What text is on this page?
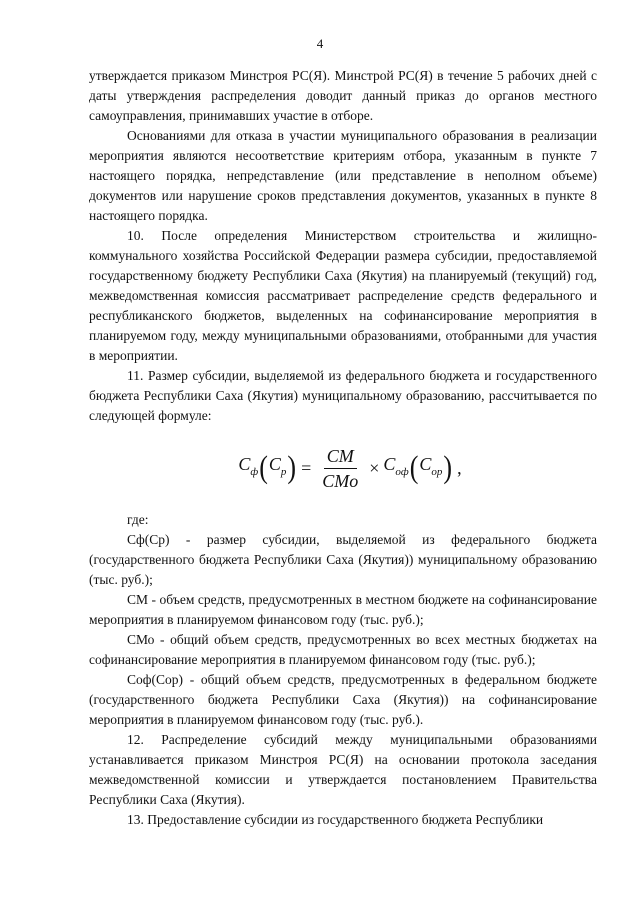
4

утверждается приказом Минстроя РС(Я). Минстрой РС(Я) в течение 5 рабочих дней с даты утверждения распределения доводит данный приказ до органов местного самоуправления, принимавших участие в отборе.

Основаниями для отказа в участии муниципального образования в реализации мероприятия являются несоответствие критериям отбора, указанным в пункте 7 настоящего порядка, непредставление (или представление в неполном объеме) документов или нарушение сроков представления документов, указанных в пункте 8 настоящего порядка.

10. После определения Министерством строительства и жилищно-коммунального хозяйства Российской Федерации размера субсидии, предоставляемой государственному бюджету Республики Саха (Якутия) на планируемый (текущий) год, межведомственная комиссия рассматривает распределение средств федерального и республиканского бюджетов, выделенных на софинансирование мероприятия в планируемом году, между муниципальными образованиями, отобранными для участия в мероприятии.

11. Размер субсидии, выделяемой из федерального бюджета и государственного бюджета Республики Саха (Якутия) муниципальному образованию, рассчитывается по следующей формуле:

$C_ф$ ( $C_р$ ) = $\frac{CM}{\text{CMo}} \times C_{оф}$ ( $C_{ор}$ ) ,

где:

Сф(Ср) - размер субсидии, выделяемой из федерального бюджета (государственного бюджета Республики Саха (Якутия)) муниципальному образованию (тыс. руб.);

СМ - объем средств, предусмотренных в местном бюджете на софинансирование мероприятия в планируемом финансовом году (тыс. руб.);

СМо - общий объем средств, предусмотренных во всех местных бюджетах на софинансирование мероприятия в планируемом финансовом году (тыс. руб.);

Соф(Сор) - общий объем средств, предусмотренных в федеральном бюджете (государственного бюджета Республики Саха (Якутия)) на софинансирование мероприятия в планируемом финансовом году (тыс. руб.).

12. Распределение субсидий между муниципальными образованиями устанавливается приказом Минстроя РС(Я) на основании протокола заседания межведомственной комиссии и утверждается постановлением Правительства Республики Саха (Якутия).

13. Предоставление субсидии из государственного бюджета Республики
